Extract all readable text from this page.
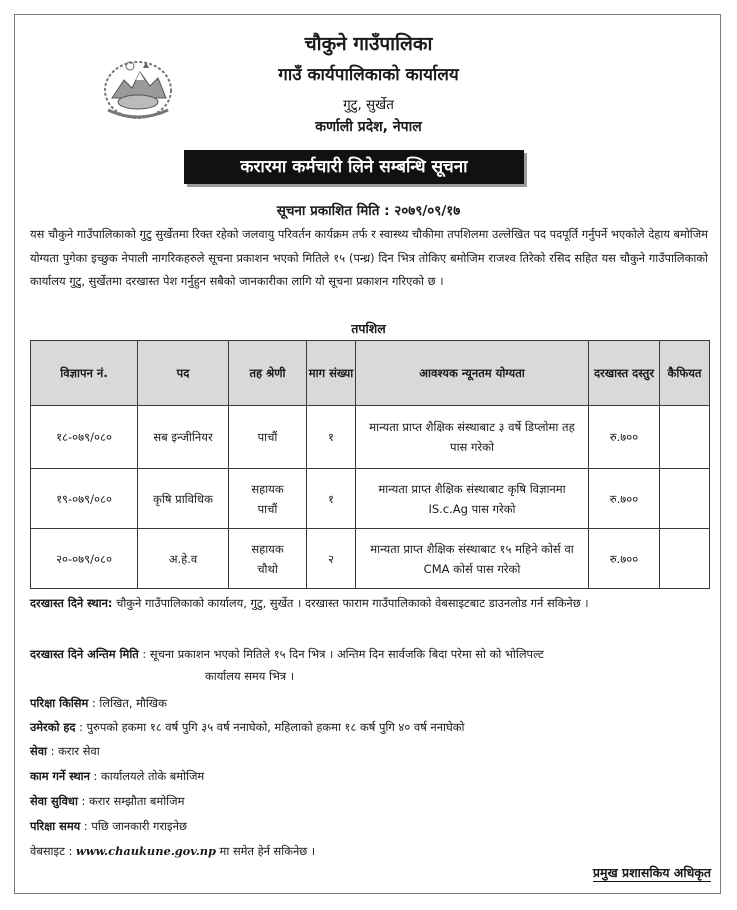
चौकुने गाउँपालिका
गाउँ कार्यपालिकाको कार्यालय
गुटु, सुर्खेत
कर्णाली प्रदेश, नेपाल
करारमा कर्मचारी लिने सम्बन्धि सूचना
सूचना प्रकाशित मिति : २०७९/०९/१७
यस चौकुने गाउँपालिकाको गुटु सुर्खेतमा रिक्त रहेको जलवायु परिवर्तन कार्यक्रम तर्फ र स्वास्थ्य चौकीमा तपशिलमा उल्लेखित पद पदपूर्ति गर्नुपर्ने भएकोले देहाय बमोजिम योग्यता पुगेका इच्छुक नेपाली नागरिकहरुले सूचना प्रकाशन भएको मितिले १५ (पन्ध्र) दिन भित्र तोकिए बमोजिम राजश्व तिरेको रसिद सहित यस चौकुने गाउँपालिकाको कार्यालय गुटु, सुर्खेतमा दरखास्त पेश गर्नुहुन सबैको जानकारीका लागि यो सूचना प्रकाशन गरिएको छ ।
तपशिल
विज्ञापन नं.	पद	तह श्रेणी	माग संख्या	आवश्यक न्यूनतम योग्यता	दरखास्त दस्तुर	कैफियत
१८-०७९/०८०	सब इन्जीनियर	पाचौं	१	मान्यता प्राप्त शैक्षिक संस्थाबाट ३ वर्षे डिप्लोमा तह पास गरेको	रु.७००	
१९-०७९/०८०	कृषि प्राविधिक	सहायक पाचौं	१	मान्यता प्राप्त शैक्षिक संस्थाबाट कृषि विज्ञानमा IS.c.Ag पास गरेको	रु.७००	
२०-०७९/०८०	अ.हे.व	सहायक चौथो	२	मान्यता प्राप्त शैक्षिक संस्थाबाट १५ महिने कोर्स वा CMA कोर्स पास गरेको	रु.७००	
दरखास्त दिने स्थान: चौकुने गाउँपालिकाको कार्यालय, गुटु, सुर्खेत । दरखास्त फाराम गाउँपालिकाको वेबसाइटबाट डाउनलोड गर्न सकिनेछ ।
दरखास्त दिने अन्तिम मिति : सूचना प्रकाशन भएको मितिले १५ दिन भित्र । अन्तिम दिन सार्वजकि बिदा परेमा सो को भोलिपल्ट
कार्यालय समय भित्र ।
परिक्षा किसिम : लिखित, मौखिक
उमेरको हद : पुरुपको हकमा १८ वर्ष पुगि ३५ वर्ष ननाघेको, महिलाको हकमा १८ कर्ष पुगि ४० वर्ष ननाघेको
सेवा : करार सेवा
काम गर्ने स्थान : कार्यालयले तोके बमोजिम
सेवा सुविधा : करार सम्झौता बमोजिम
परिक्षा समय : पछि जानकारी गराइनेछ
वेबसाइट : www.chaukune.gov.np मा समेत हेर्न सकिनेछ ।
प्रमुख प्रशासकिय अधिकृत
